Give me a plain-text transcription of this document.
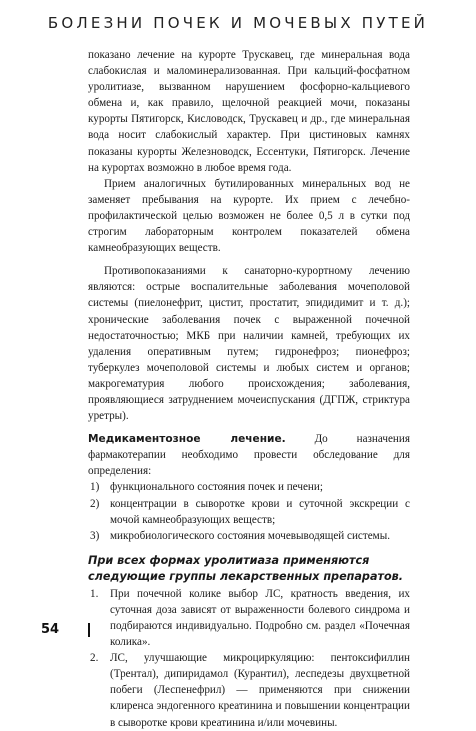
БОЛЕЗНИ ПОЧЕК И МОЧЕВЫХ ПУТЕЙ

показано лечение на курорте Трускавец, где минеральная вода слабокислая и маломинерализованная. При кальций-фосфатном уролитиазе, вызванном нарушением фосфорно-кальциевого обмена и, как правило, щелочной реакцией мочи, показаны курорты Пятигорск, Кисловодск, Трускавец и др., где минеральная вода носит слабокислый характер. При цистиновых камнях показаны курорты Железноводск, Ессентуки, Пятигорск. Лечение на курортах возможно в любое время года.

Прием аналогичных бутилированных минеральных вод не заменяет пребывания на курорте. Их прием с лечебно-профилактической целью возможен не более 0,5 л в сутки под строгим лабораторным контролем показателей обмена камнеобразующих веществ.

Противопоказаниями к санаторно-курортному лечению являются: острые воспалительные заболевания мочеполовой системы (пиелонефрит, цистит, простатит, эпидидимит и т. д.); хронические заболевания почек с выраженной почечной недостаточностью; МКБ при наличии камней, требующих их удаления оперативным путем; гидронефроз; пионефроз; туберкулез мочеполовой системы и любых систем и органов; макрогематурия любого происхождения; заболевания, проявляющиеся затруднением мочеиспускания (ДГПЖ, стриктура уретры).

Медикаментозное лечение.	До назначения фармакотерапии необходимо провести обследование для определения:

1) функционального состояния почек и печени;
2) концентрации в сыворотке крови и суточной экскреции с мочой камнеобразующих веществ;
3) микробиологического состояния мочевыводящей системы.

При всех формах уролитиаза применяются следующие группы лекарственных препаратов.

1. При почечной колике выбор ЛС, кратность введения, их суточная доза зависят от выраженности болевого синдрома и подбираются индивидуально. Подробно см. раздел «Почечная колика».
2. ЛС, улучшающие микроциркуляцию: пентоксифиллин (Трентал), дипиридамол (Курантил), леспедезы двухцветной побеги (Леспенефрил) — применяются при снижении клиренса эндогенного креатинина и повышении концентрации в сыворотке крови креатинина и/или мочевины.
54
